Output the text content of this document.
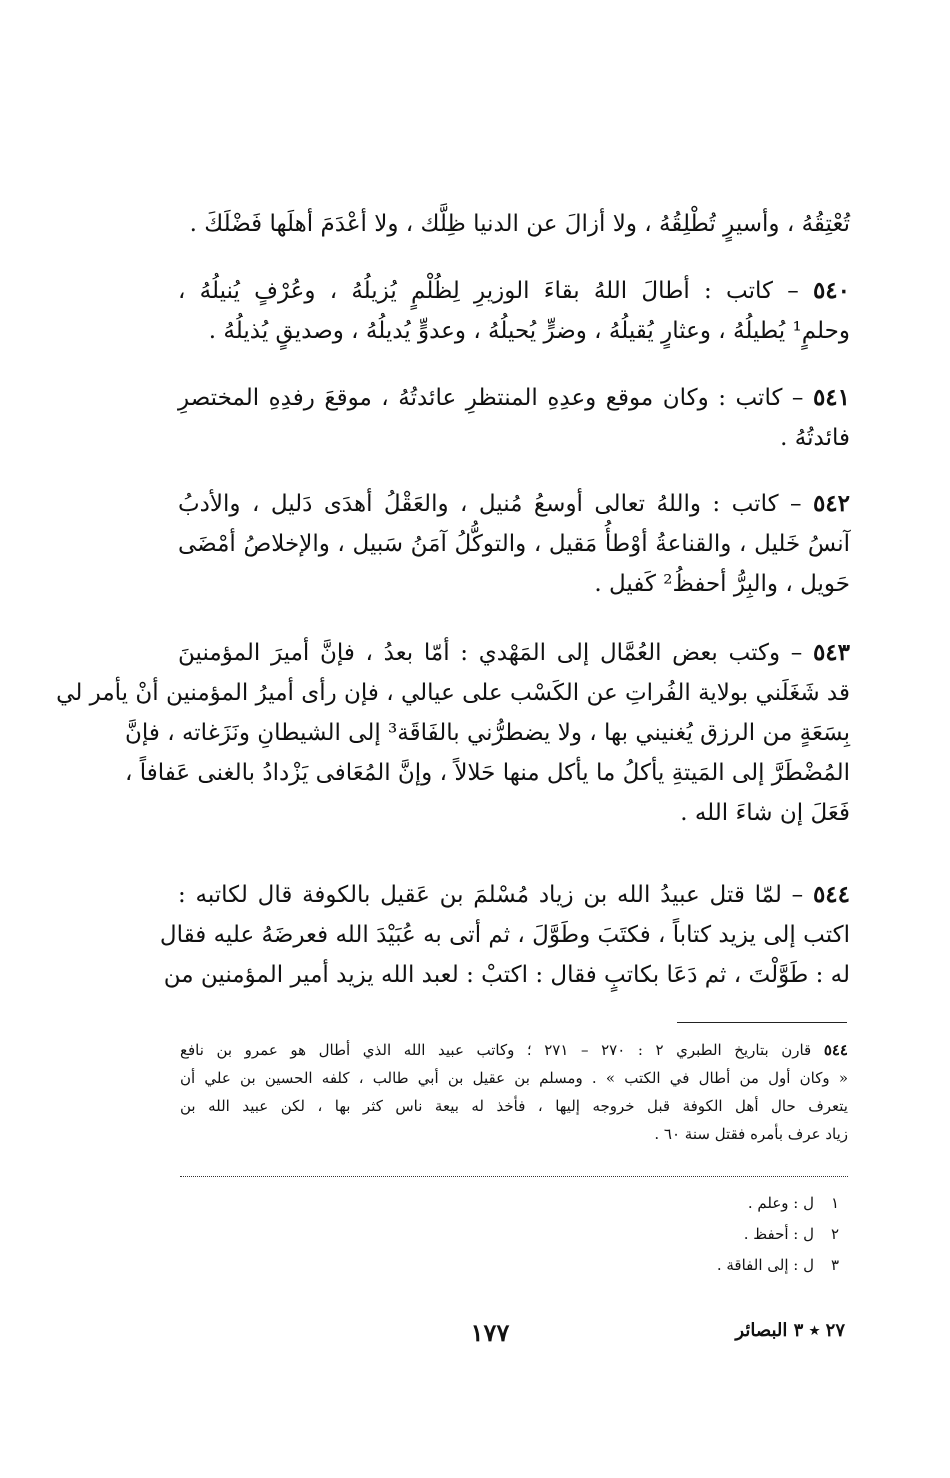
تُعْتِقُهُ ، وأسيرٍ تُطْلِقُهُ ، ولا أزالَ عن الدنيا ظِلَّك ، ولا أعْدَمَ أهلَها فَضْلَكَ .
٥٤٠ – كاتب : أطالَ اللهُ بقاءَ الوزيرِ لِظُلْمٍ يُزيلُهُ ، وعُرْفٍ يُنيلُهُ ،
وحلمٍ¹ يُطيلُهُ ، وعثارٍ يُقيلُهُ ، وضرٍّ يُحيلُهُ ، وعدوٍّ يُديلُهُ ، وصديقٍ يُذيلُهُ .
٥٤١ – كاتب : وكان موقع وعدِهِ المنتظرِ عائدتُهُ ، موقعَ رفدِهِ المختصرِ
فائدتُهُ .
٥٤٢ – كاتب : واللهُ تعالى أوسعُ مُنيل ، والعَقْلُ أهدَى دَليل ، والأدبُ
آنسُ خَليل ، والقناعةُ أوْطأُ مَقيل ، والتوكُّلُ آمَنُ سَبيل ، والإخلاصُ أمْضَى
حَويل ، والبِرُّ أحفظُ² كَفيل .
٥٤٣ – وكتب بعض العُمَّال إلى المَهْدي : أمّا بعدُ ، فإنَّ أميرَ المؤمنينَ
قد شَغَلَني بولاية الفُراتِ عن الكَسْب على عيالي ، فإن رأى أميرُ المؤمنين أنْ يأمر لي
بِسَعَةٍ من الرزق يُغنيني بها ، ولا يضطرُّني بالفَاقَة³ إلى الشيطانِ ونَزَغاته ، فإنَّ
المُضْطَرَّ إلى المَيتةِ يأكلُ ما يأكل منها حَلالاً ، وإنَّ المُعَافى يَزْدادُ بالغنى عَفافاً ،
فَعَلَ إن شاءَ الله .
٥٤٤ – لمّا قتل عبيدُ الله بن زياد مُسْلمَ بن عَقيل بالكوفة قال لكاتبه :
اكتب إلى يزيد كتاباً ، فكتَبَ وطَوَّلَ ، ثم أتى به عُبَيْدَ الله فعرضَهُ عليه فقال
له : طَوَّلْتَ ، ثم دَعَا بكاتبٍ فقال : اكتبْ : لعبد الله يزيد أمير المؤمنين من
٥٤٤ قارن بتاريخ الطبري ٢ : ٢٧٠ – ٢٧١ ؛ وكاتب عبيد الله الذي أطال هو عمرو بن نافع
« وكان أول من أطال في الكتب » . ومسلم بن عقيل بن أبي طالب ، كلفه الحسين بن علي أن
يتعرف حال أهل الكوفة قبل خروجه إليها ، فأخذ له بيعة ناس كثر بها ، لكن عبيد الله بن
زياد عرف بأمره فقتل سنة ٦٠ .
١
ل : وعلم .
٢
ل : أحفظ .
٣
ل : إلى الفاقة .
١٧٧	٢٧ ٭ ٣ البصائر
